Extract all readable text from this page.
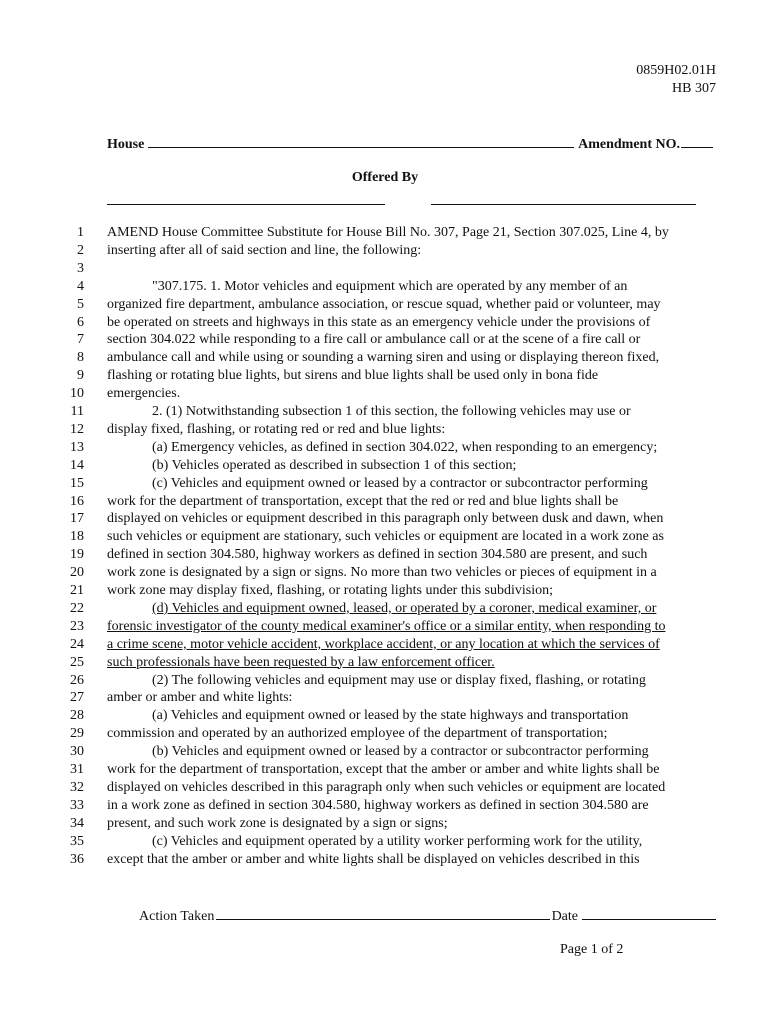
0859H02.01H
HB 307
House	Amendment NO.
Offered By
1 AMEND House Committee Substitute for House Bill No. 307, Page 21, Section 307.025, Line 4, by
2 inserting after all of said section and line, the following:
3
4	"307.175. 1. Motor vehicles and equipment which are operated by any member of an
5 organized fire department, ambulance association, or rescue squad, whether paid or volunteer, may
6 be operated on streets and highways in this state as an emergency vehicle under the provisions of
7 section 304.022 while responding to a fire call or ambulance call or at the scene of a fire call or
8 ambulance call and while using or sounding a warning siren and using or displaying thereon fixed,
9 flashing or rotating blue lights, but sirens and blue lights shall be used only in bona fide
10 emergencies.
11	2. (1) Notwithstanding subsection 1 of this section, the following vehicles may use or
12 display fixed, flashing, or rotating red or red and blue lights:
13	(a) Emergency vehicles, as defined in section 304.022, when responding to an emergency;
14	(b) Vehicles operated as described in subsection 1 of this section;
15	(c) Vehicles and equipment owned or leased by a contractor or subcontractor performing
16 work for the department of transportation, except that the red or red and blue lights shall be
17 displayed on vehicles or equipment described in this paragraph only between dusk and dawn, when
18 such vehicles or equipment are stationary, such vehicles or equipment are located in a work zone as
19 defined in section 304.580, highway workers as defined in section 304.580 are present, and such
20 work zone is designated by a sign or signs. No more than two vehicles or pieces of equipment in a
21 work zone may display fixed, flashing, or rotating lights under this subdivision;
22	(d) Vehicles and equipment owned, leased, or operated by a coroner, medical examiner, or
23 forensic investigator of the county medical examiner's office or a similar entity, when responding to
24 a crime scene, motor vehicle accident, workplace accident, or any location at which the services of
25 such professionals have been requested by a law enforcement officer.
26	(2) The following vehicles and equipment may use or display fixed, flashing, or rotating
27 amber or amber and white lights:
28	(a) Vehicles and equipment owned or leased by the state highways and transportation
29 commission and operated by an authorized employee of the department of transportation;
30	(b) Vehicles and equipment owned or leased by a contractor or subcontractor performing
31 work for the department of transportation, except that the amber or amber and white lights shall be
32 displayed on vehicles described in this paragraph only when such vehicles or equipment are located
33 in a work zone as defined in section 304.580, highway workers as defined in section 304.580 are
34 present, and such work zone is designated by a sign or signs;
35	(c) Vehicles and equipment operated by a utility worker performing work for the utility,
36 except that the amber or amber and white lights shall be displayed on vehicles described in this
Action Taken	Date
Page 1 of 2
